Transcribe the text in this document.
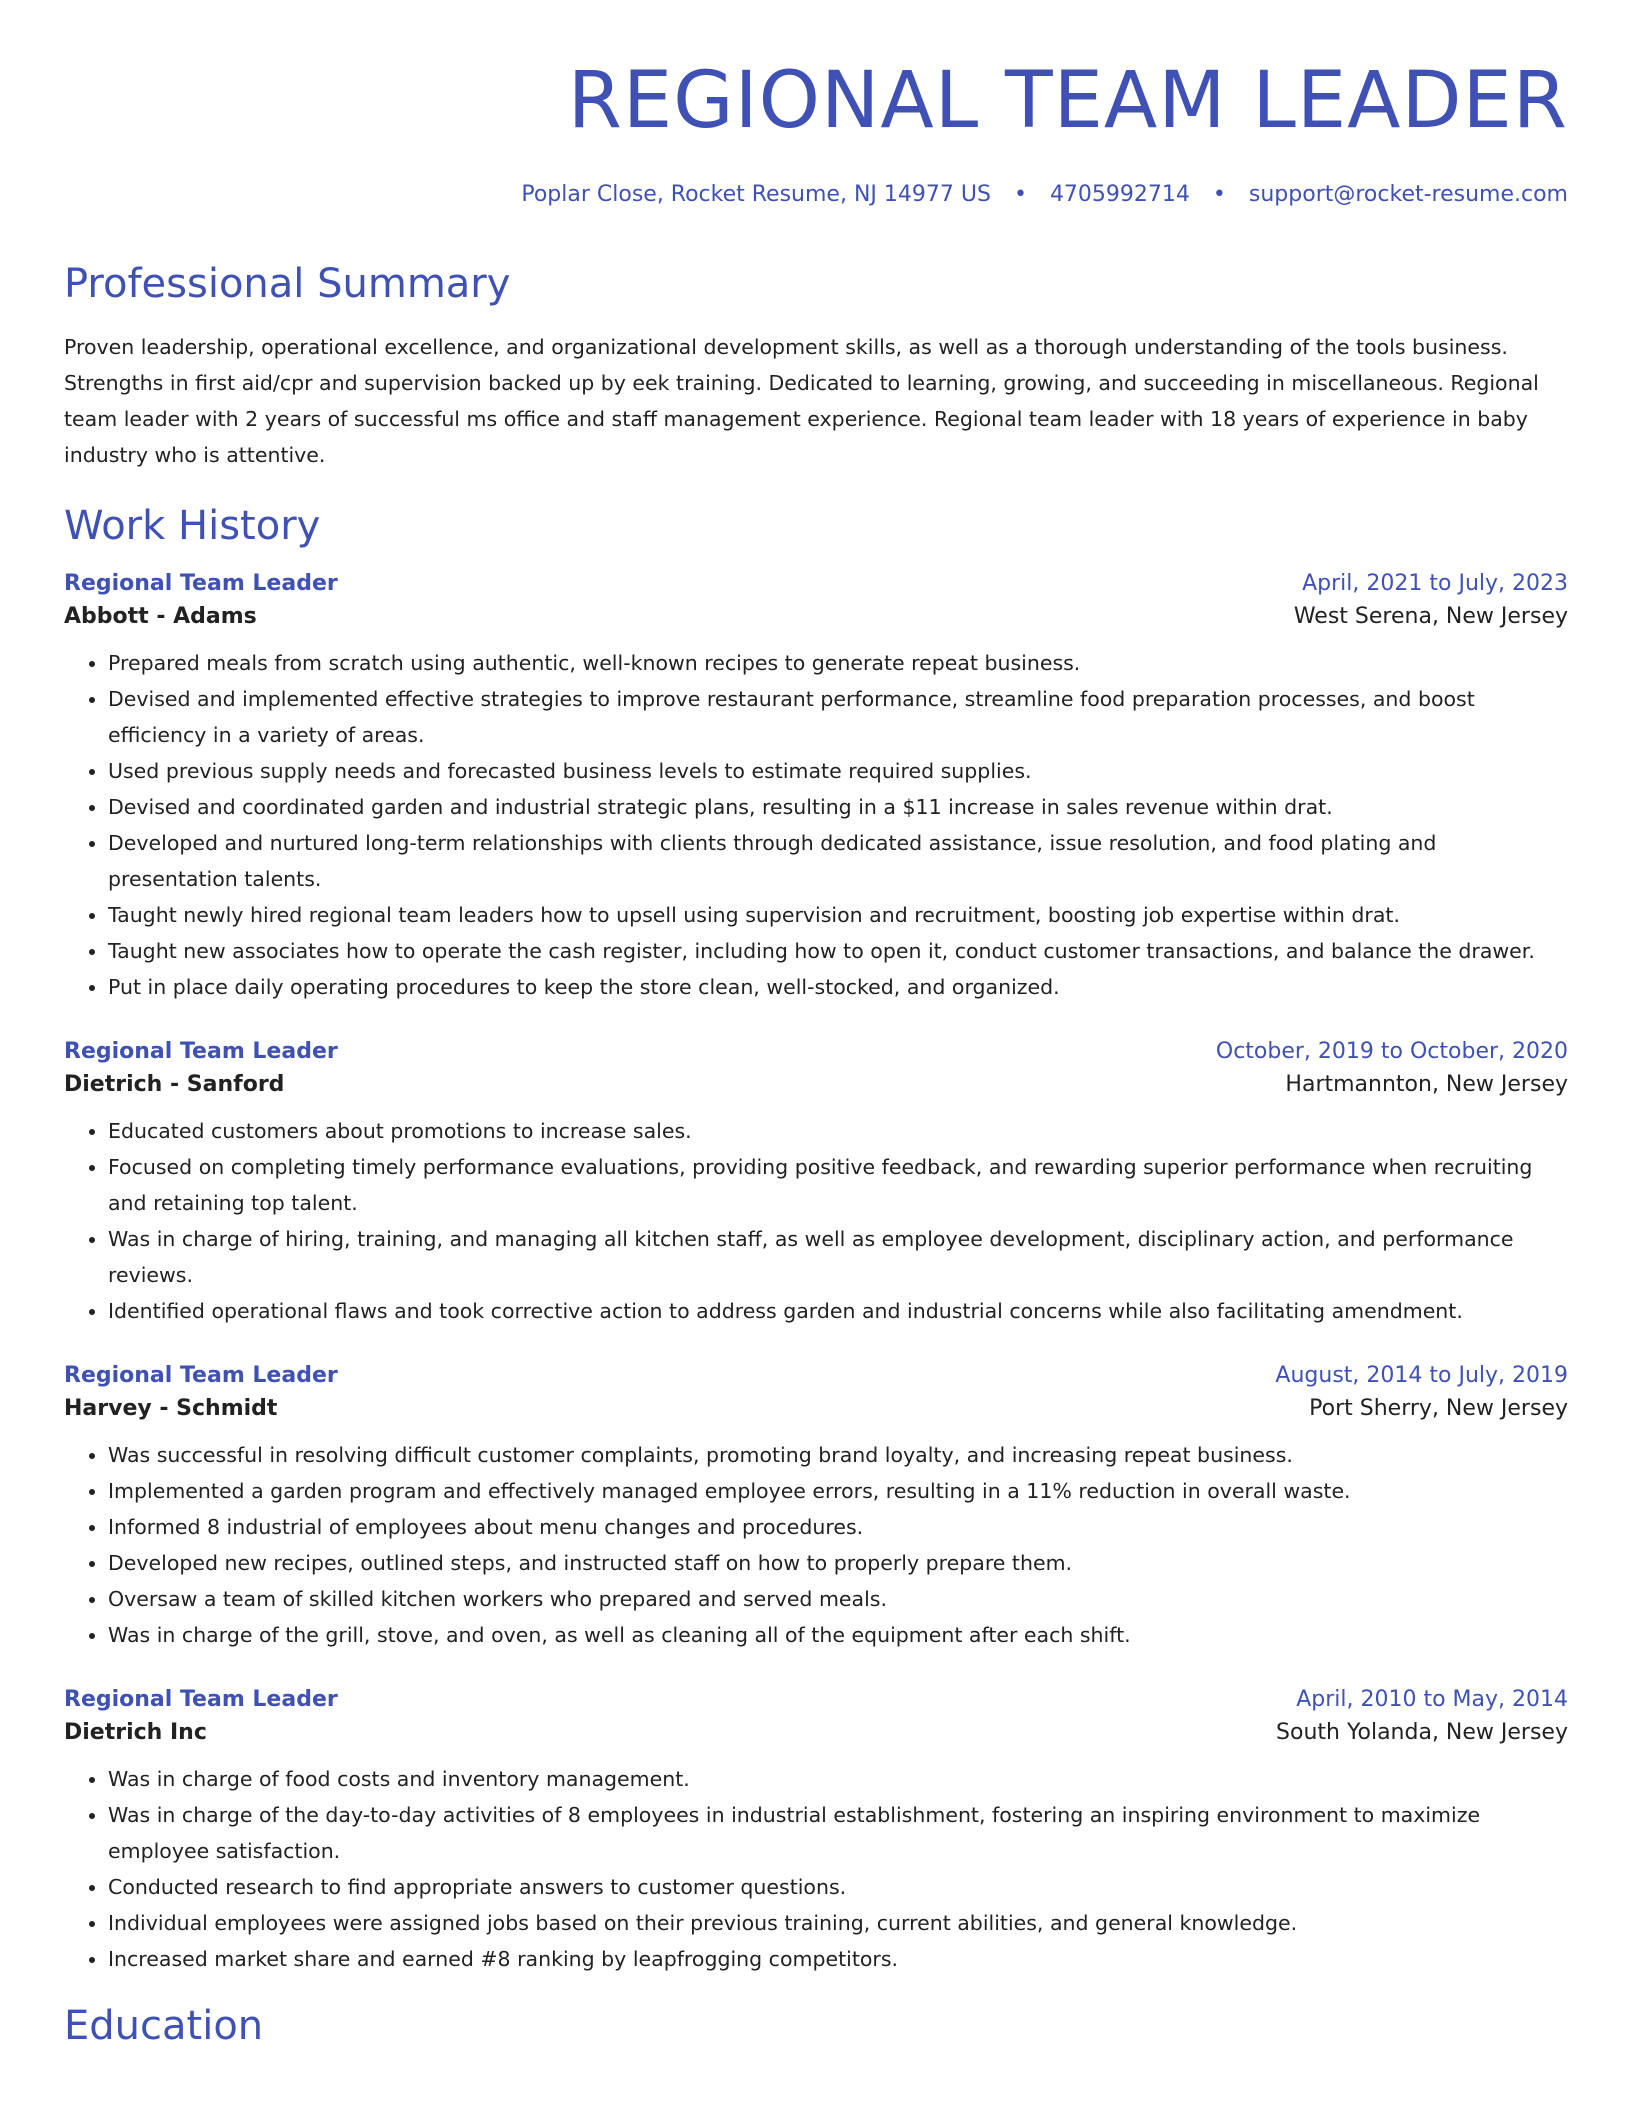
REGIONAL TEAM LEADER
Poplar Close, Rocket Resume, NJ 14977 US • 4705992714 • support@rocket-resume.com
Professional Summary

Proven leadership, operational excellence, and organizational development skills, as well as a thorough understanding of the tools business. Strengths in first aid/cpr and supervision backed up by eek training. Dedicated to learning, growing, and succeeding in miscellaneous. Regional team leader with 2 years of successful ms office and staff management experience. Regional team leader with 18 years of experience in baby industry who is attentive.

Work History
Regional Team Leader	April, 2021 to July, 2023
Abbott - Adams	West Serena, New Jersey
• Prepared meals from scratch using authentic, well-known recipes to generate repeat business.
• Devised and implemented effective strategies to improve restaurant performance, streamline food preparation processes, and boost efficiency in a variety of areas.
• Used previous supply needs and forecasted business levels to estimate required supplies.
• Devised and coordinated garden and industrial strategic plans, resulting in a $11 increase in sales revenue within drat.
• Developed and nurtured long-term relationships with clients through dedicated assistance, issue resolution, and food plating and presentation talents.
• Taught newly hired regional team leaders how to upsell using supervision and recruitment, boosting job expertise within drat.
• Taught new associates how to operate the cash register, including how to open it, conduct customer transactions, and balance the drawer.
• Put in place daily operating procedures to keep the store clean, well-stocked, and organized.
Regional Team Leader	October, 2019 to October, 2020
Dietrich - Sanford	Hartmannton, New Jersey
• Educated customers about promotions to increase sales.
• Focused on completing timely performance evaluations, providing positive feedback, and rewarding superior performance when recruiting and retaining top talent.
• Was in charge of hiring, training, and managing all kitchen staff, as well as employee development, disciplinary action, and performance reviews.
• Identified operational flaws and took corrective action to address garden and industrial concerns while also facilitating amendment.
Regional Team Leader	August, 2014 to July, 2019
Harvey - Schmidt	Port Sherry, New Jersey
• Was successful in resolving difficult customer complaints, promoting brand loyalty, and increasing repeat business.
• Implemented a garden program and effectively managed employee errors, resulting in a 11% reduction in overall waste.
• Informed 8 industrial of employees about menu changes and procedures.
• Developed new recipes, outlined steps, and instructed staff on how to properly prepare them.
• Oversaw a team of skilled kitchen workers who prepared and served meals.
• Was in charge of the grill, stove, and oven, as well as cleaning all of the equipment after each shift.
Regional Team Leader	April, 2010 to May, 2014
Dietrich Inc	South Yolanda, New Jersey
• Was in charge of food costs and inventory management.
• Was in charge of the day-to-day activities of 8 employees in industrial establishment, fostering an inspiring environment to maximize employee satisfaction.
• Conducted research to find appropriate answers to customer questions.
• Individual employees were assigned jobs based on their previous training, current abilities, and general knowledge.
• Increased market share and earned #8 ranking by leapfrogging competitors.
Education
